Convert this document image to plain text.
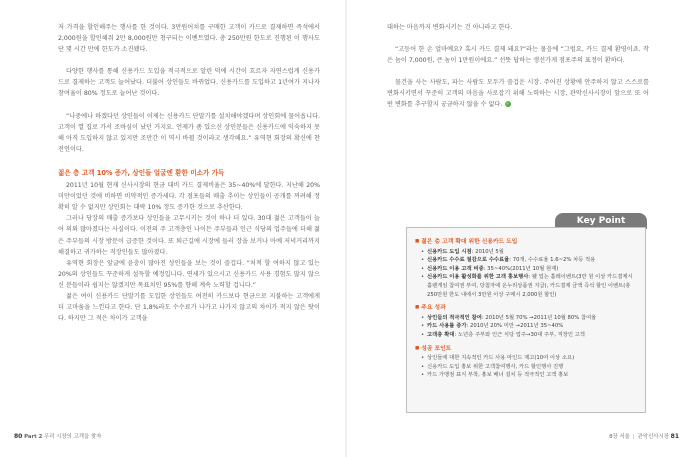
저 가격을 할인해주는 행사를 한 것이다. 3만원어치를 구매한 고객이 카드로 결제하면 즉석에서 2,000원을 할인해줘 2만 8,000원만 청구되는 이벤트였다. 총 250만원 한도로 진행된 이 행사도 단 몇 시간 만에 한도가 소진됐다.

다양한 행사를 통해 신용카드 도입을 적극적으로 알린 덕에 시간이 흐르자 자연스럽게 신용카드로 결제하는 고객도 늘어났다. 더불어 상인들도 바뀌었다. 신용카드를 도입하고 1년여가 지나자 참여율이 80% 정도로 늘어난 것이다.

“나중에나 하겠다던 상인들이 이제는 신용카드 단말기를 설치해야겠다며 상인회에 물어옵니다. 고객이 열 집로 가서 조바심이 났던 거지요. 언제가 좀 있으신 상인분들은 신용카드에 익숙하지 못해 아직 도입하지 않고 있지만 조만간 이 역시 바뀔 것이라고 생각해요.” 유역현 회장의 확신에 찬 전언이다.

젊은 층 고객 10% 증가, 상인들 얼굴엔 환한 미소가 가득

2011년 10월 현재 신사시장의 현금 대비 카드 결제비율은 35~40%에 달한다. 지난해 20% 미만이었던 것에 비하면 비약적인 증가세다. 각 점포들의 매출 추이는 상인들이 공개를 꺼려해 정확히 알 수 없지만 상인회는 대략 10% 정도 증가한 것으로 추산한다.

그러나 당장의 매출 증가보다 상인들을 고무시키는 것이 하나 더 있다. 30대 젊은 고객들이 늘어 의외 많아졌다는 사실이다. 이전의 주 고객층인 나이든 주부들과 인근 식당의 업주들에 더해 젊은 주부들의 시장 방문이 급증한 것이다. 또 퇴근길에 시장에 들러 장을 보거나 아예 저녁거리까지 해결하고 귀가하는 직장인들도 많아졌다.

유역현 회장은 앞글에 윤충이 많아진 상인들을 보는 것이 즐겁다. “처적 할 여하지 않고 있는 20%의 상인들도 꾸준하게 설득할 예정입니다. 연세가 있으시고 신용카드 사용 경험도 많지 않으신 분들이라 쉽지는 않겠지만 목표치인 95%를 향해 계속 노력할 겁니다.”

젊은 여이 신용카드 단말기를 도입한 상인들도 여전히 카드보다 현금으로 지불하는 고객에게 더 고마움을 느낀다고 한다. 단 1,8%라도 수수료가 나가고 나가지 않고의 차이가 적지 않은 탓이다. 하지만 그 적은 차이가 고객을

80 Part 2 우리 시장의 고객을 찾자

대하는 마음까지 변화시키는 건 아니라고 한다.

“고등어 한 손 얼마예요? 혹시 카드 결제 돼요?”라는 물음에 “그럼요, 카드 결제 환영이죠. 작은 놈이 7,000원, 큰 놈이 1만원이에요.” 선뜻 답하는 생선가게 점포주의 표정이 환하다.

물건을 사는 사람도, 파는 사람도 모두가 즐겁운 시장. 주어진 상황에 안주하지 않고 스스로를 변화시키면서 꾸준히 고객의 마음을 사로잡기 위해 노력하는 시장, 관악신사시장이 앞으로 또 어떤 변화를 추구할지 궁금하지 않을 수 없다.

8장 서울 | 관악신사시장 81
Key Point
■ 젊은 층 고객 확대 위한 신용카드 도입
• 신용카드 도입 시점: 2010년 5월
• 신용카드 수수료 절감으로 수수료율: 70개, 수수료율 1.6~2% 차등 적용
• 신용카드 이용 고객 비중: 35~40%(2011년 10월 현재)
• 신용카드 이용 활성화를 위한 고객 홍보행사: 웰 업는 홀레이벤트(3만 원 이상 카드결제시 홀렌게임 참여권 부여, 당첨자에 온누리상품권 지급), 카드결제 금액 즉석 할인 이벤트(총 250만원 한도 내에서 3만원 이상 구매시 2,000원 할인)
■ 주요 성과
• 상인들의 적극적인 참여: 2010년 5월 70% →2011년 10월 80% 참여율
• 카드 사용률 증가: 2010년 20% 미만 →2011년 35~40%
• 고객층 확대: 노년층 주부와 인근 식당 업주→30대 주부, 직장인 고객
■ 성공 포인트
• 상인들에 대한 지속적인 카드 사용 마인드 제고(10여 이상 소요)
• 신용카드 도입 홍보 위한 고객참여행사, 카드 할인행사 진행
• 카드 가맹점 표식 부착, 홍보 배너 설치 등 적극적인 고객 홍보
